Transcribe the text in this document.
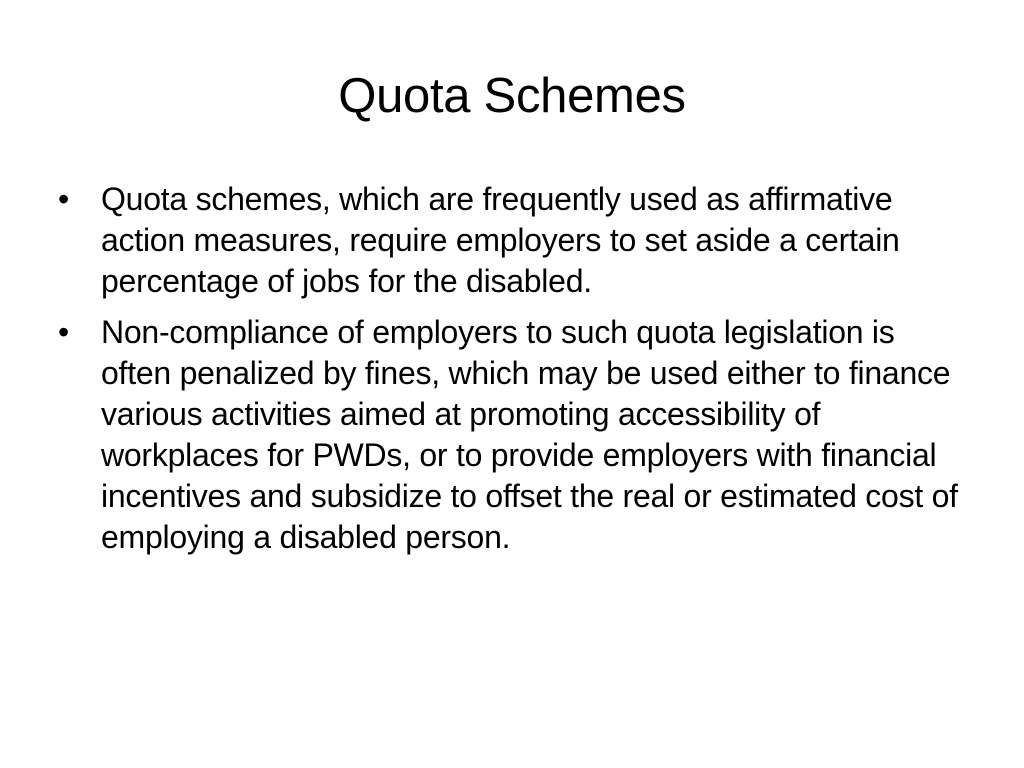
Quota Schemes
•	Quota schemes, which are frequently used as affirmative action measures, require employers to set aside a certain percentage of jobs for the disabled.
•	Non-compliance of employers to such quota legislation is often penalized by fines, which may be used either to finance various activities aimed at promoting accessibility of workplaces for PWDs, or to provide employers with financial incentives and subsidize to offset the real or estimated cost of employing a disabled person.
